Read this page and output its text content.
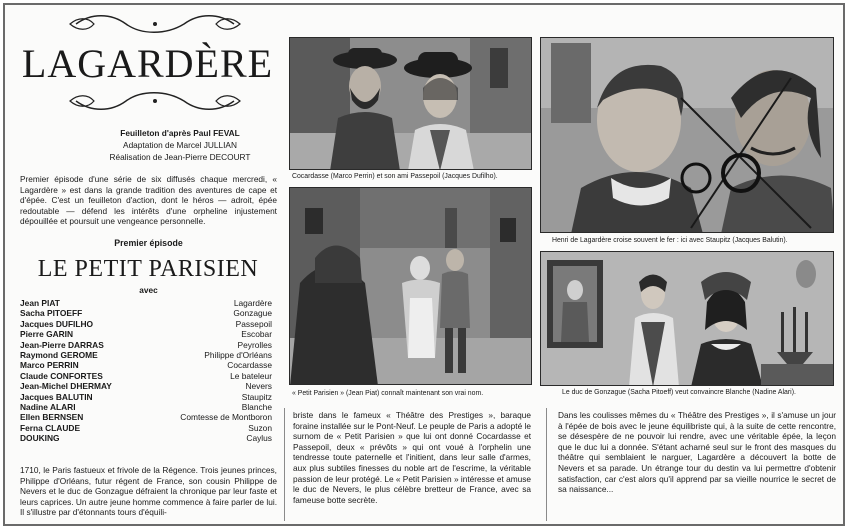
LAGARDÈRE
Feuilleton d'après Paul FEVAL
Adaptation de Marcel JULLIAN
Réalisation de Jean-Pierre DECOURT
Premier épisode d'une série de six diffusés chaque mercredi, « Lagardère » est dans la grande tradition des aventures de cape et d'épée. C'est un feuilleton d'action, dont le héros — adroit, épée redoutable — défend les intérêts d'une orpheline injustement dépouillée et poursuit une vengeance personnelle.
Premier épisode
LE PETIT PARISIEN
avec
Jean PIAT	Lagardère
Sacha PITOEFF	Gonzague
Jacques DUFILHO	Passepoil
Pierre GARIN	Escobar
Jean-Pierre DARRAS	Peyrolles
Raymond GEROME	Philippe d'Orléans
Marco PERRIN	Cocardasse
Claude CONFORTES	Le bateleur
Jean-Michel DHERMAY	Nevers
Jacques BALUTIN	Staupitz
Nadine ALARI	Blanche
Ellen BERNSEN	Comtesse de Montboron
Ferna CLAUDE	Suzon
DOUKING	Caylus
1710, le Paris fastueux et frivole de la Régence. Trois jeunes princes, Philippe d'Orléans, futur régent de France, son cousin Philippe de Nevers et le duc de Gonzague défraient la chronique par leur faste et leurs caprices. Un autre jeune homme commence à faire parler de lui. Il s'illustre par d'étonnants tours d'équili-
briste dans le fameux « Théâtre des Prestiges », baraque foraine installée sur le Pont-Neuf. Le peuple de Paris a adopté le surnom de « Petit Parisien » que lui ont donné Cocardasse et Passepoil, deux « prévôts » qui ont voué à l'orphelin une tendresse toute paternelle et l'initient, dans leur salle d'armes, aux plus subtiles finesses du noble art de l'escrime, la véritable passion de leur protégé. Le « Petit Parisien » intéresse et amuse le duc de Nevers, le plus célèbre bretteur de France, avec sa fameuse botte secrète.
Dans les coulisses mêmes du « Théâtre des Prestiges », il s'amuse un jour à l'épée de bois avec le jeune équilibriste qui, à la suite de cette rencontre, se désespère de ne pouvoir lui rendre, avec une véritable épée, la leçon que le duc lui a donnée. S'étant acharné seul sur le front des masques du théâtre qui semblaient le narguer, Lagardère a découvert la botte de Nevers et sa parade. Un étrange tour du destin va lui permettre d'obtenir satisfaction, car c'est alors qu'il apprend par sa vieille nourrice le secret de sa naissance...
Cocardasse (Marco Perrin) et son ami Passepoil (Jacques Dufilho).
Henri de Lagardère croise souvent le fer : ici avec Staupitz (Jacques Balutin).
« Petit Parisien » (Jean Piat) connaît maintenant son vrai nom.	Le duc de Gonzague (Sacha Pitoeff) veut convaincre Blanche (Nadine Alari).
